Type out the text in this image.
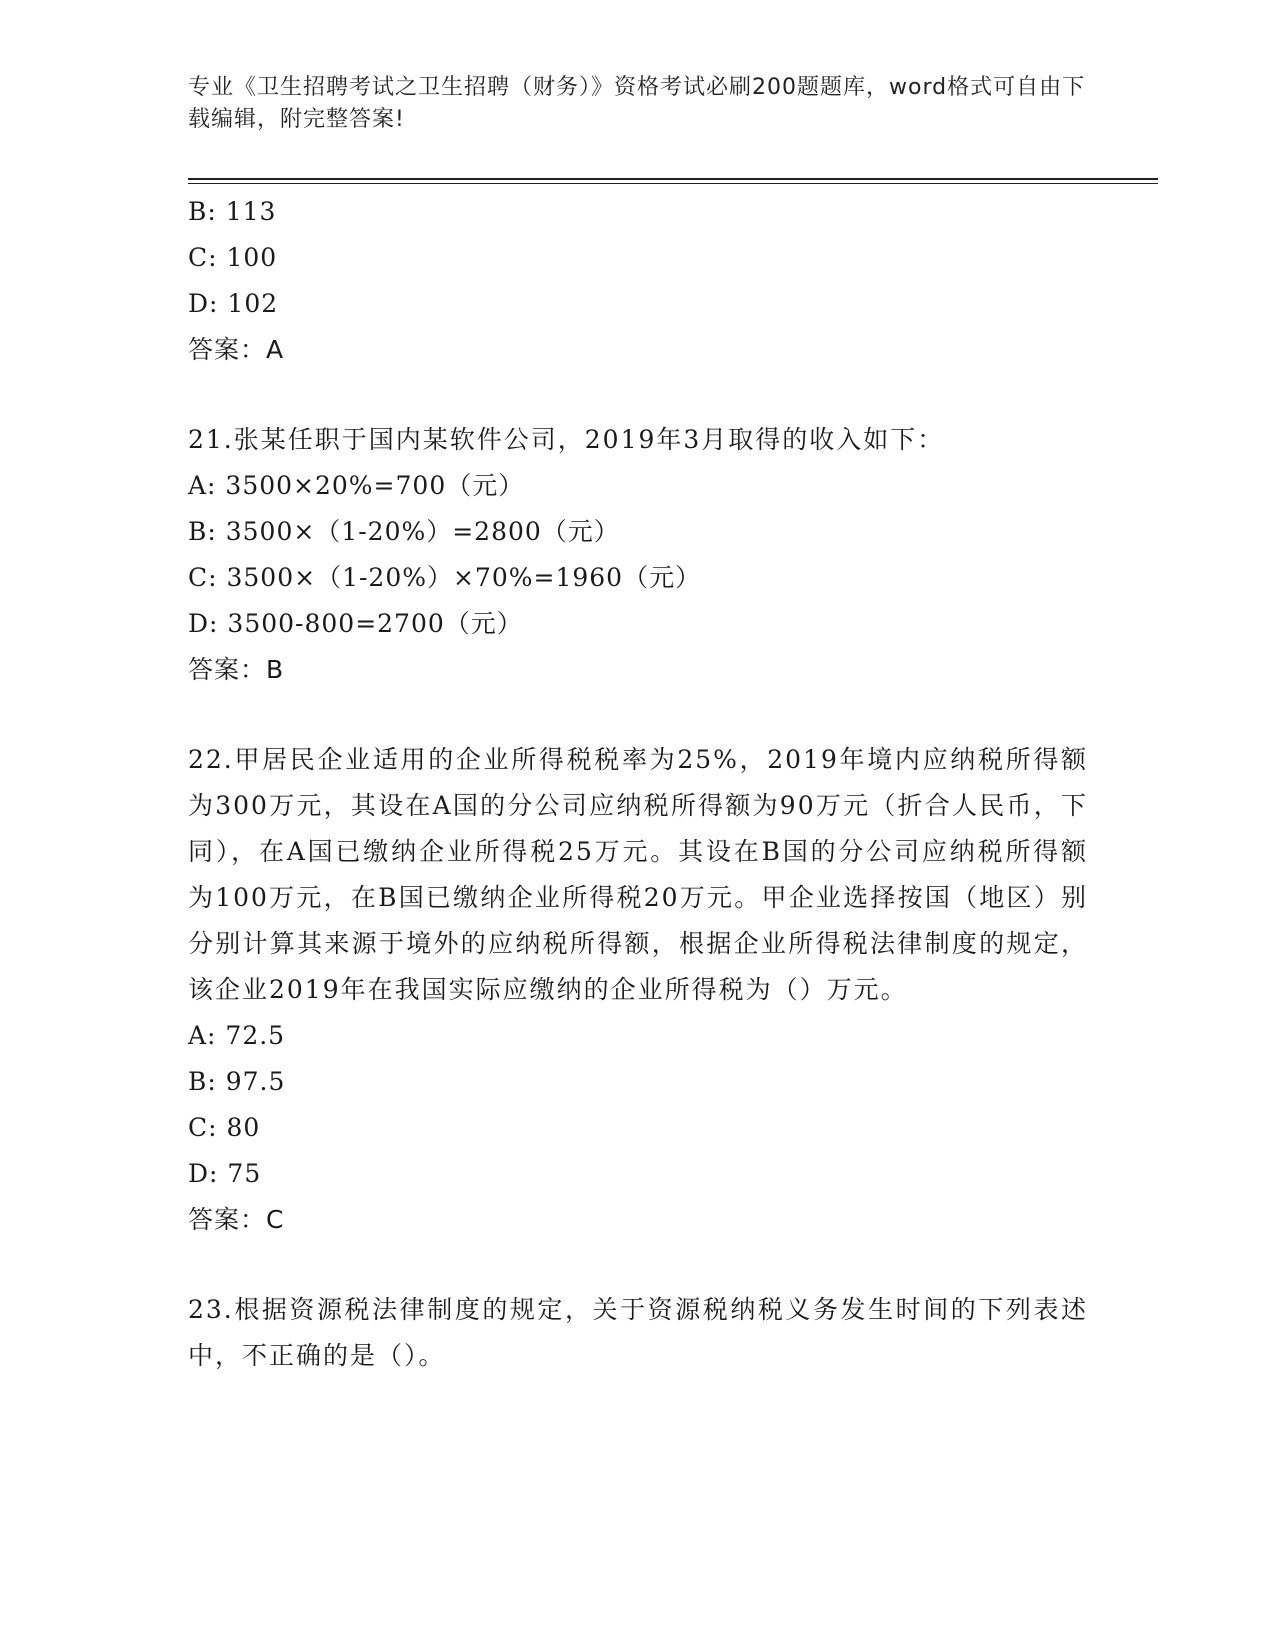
专业《卫生招聘考试之卫生招聘（财务）》资格考试必刷200题题库，word格式可自由下载编辑，附完整答案!
B: 113
C: 100
D: 102
答案：A
21.张某任职于国内某软件公司，2019年3月取得的收入如下：
A: 3500×20%=700（元）
B: 3500×（1-20%）=2800（元）
C: 3500×（1-20%）×70%=1960（元）
D: 3500-800=2700（元）
答案：B
22.甲居民企业适用的企业所得税税率为25%，2019年境内应纳税所得额为300万元，其设在A国的分公司应纳税所得额为90万元（折合人民币，下同），在A国已缴纳企业所得税25万元。其设在B国的分公司应纳税所得额为100万元，在B国已缴纳企业所得税20万元。甲企业选择按国（地区）别分别计算其来源于境外的应纳税所得额，根据企业所得税法律制度的规定，该企业2019年在我国实际应缴纳的企业所得税为（）万元。
A: 72.5
B: 97.5
C: 80
D: 75
答案：C
23.根据资源税法律制度的规定，关于资源税纳税义务发生时间的下列表述中，不正确的是（）。
